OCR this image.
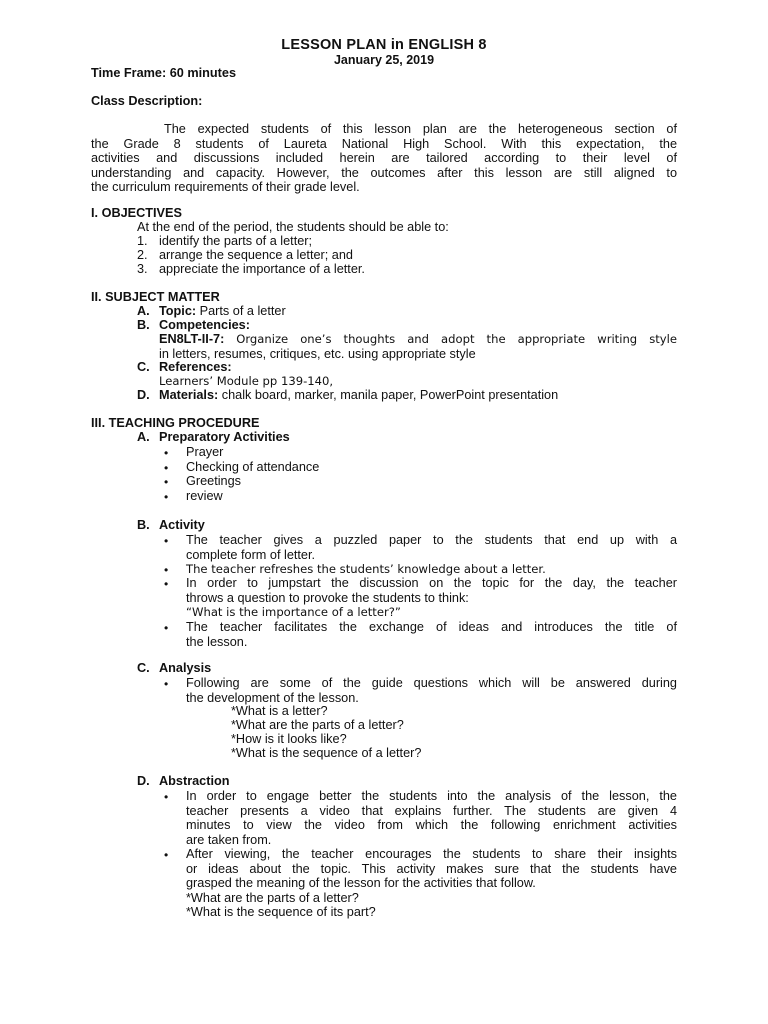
LESSON PLAN in ENGLISH 8
January 25, 2019
Time Frame: 60 minutes
Class Description:
The expected students of this lesson plan are the heterogeneous section of
the Grade 8 students of Laureta National High School. With this expectation, the
activities and discussions included herein are tailored according to their level of
understanding and capacity. However, the outcomes after this lesson are still aligned to
the curriculum requirements of their grade level.
I. OBJECTIVES
At the end of the period, the students should be able to:
1. identify the parts of a letter;
2. arrange the sequence a letter; and
3. appreciate the importance of a letter.
II. SUBJECT MATTER
A. Topic: Parts of a letter
B. Competencies:
EN8LT-II-7: Organize one’s thoughts and adopt the appropriate writing style
in letters, resumes, critiques, etc. using appropriate style
C. References:
Learners’ Module pp 139-140,
D. Materials: chalk board, marker, manila paper, PowerPoint presentation
III. TEACHING PROCEDURE
A. Preparatory Activities
• Prayer
• Checking of attendance
• Greetings
• review
B. Activity
• The teacher gives a puzzled paper to the students that end up with a
complete form of letter.
• The teacher refreshes the students’ knowledge about a letter.
• In order to jumpstart the discussion on the topic for the day, the teacher
throws a question to provoke the students to think:
“What is the importance of a letter?”
• The teacher facilitates the exchange of ideas and introduces the title of
the lesson.
C. Analysis
• Following are some of the guide questions which will be answered during
the development of the lesson.
*What is a letter?
*What are the parts of a letter?
*How is it looks like?
*What is the sequence of a letter?
D. Abstraction
• In order to engage better the students into the analysis of the lesson, the
teacher presents a video that explains further. The students are given 4
minutes to view the video from which the following enrichment activities
are taken from.
• After viewing, the teacher encourages the students to share their insights
or ideas about the topic. This activity makes sure that the students have
grasped the meaning of the lesson for the activities that follow.
*What are the parts of a letter?
*What is the sequence of its part?
